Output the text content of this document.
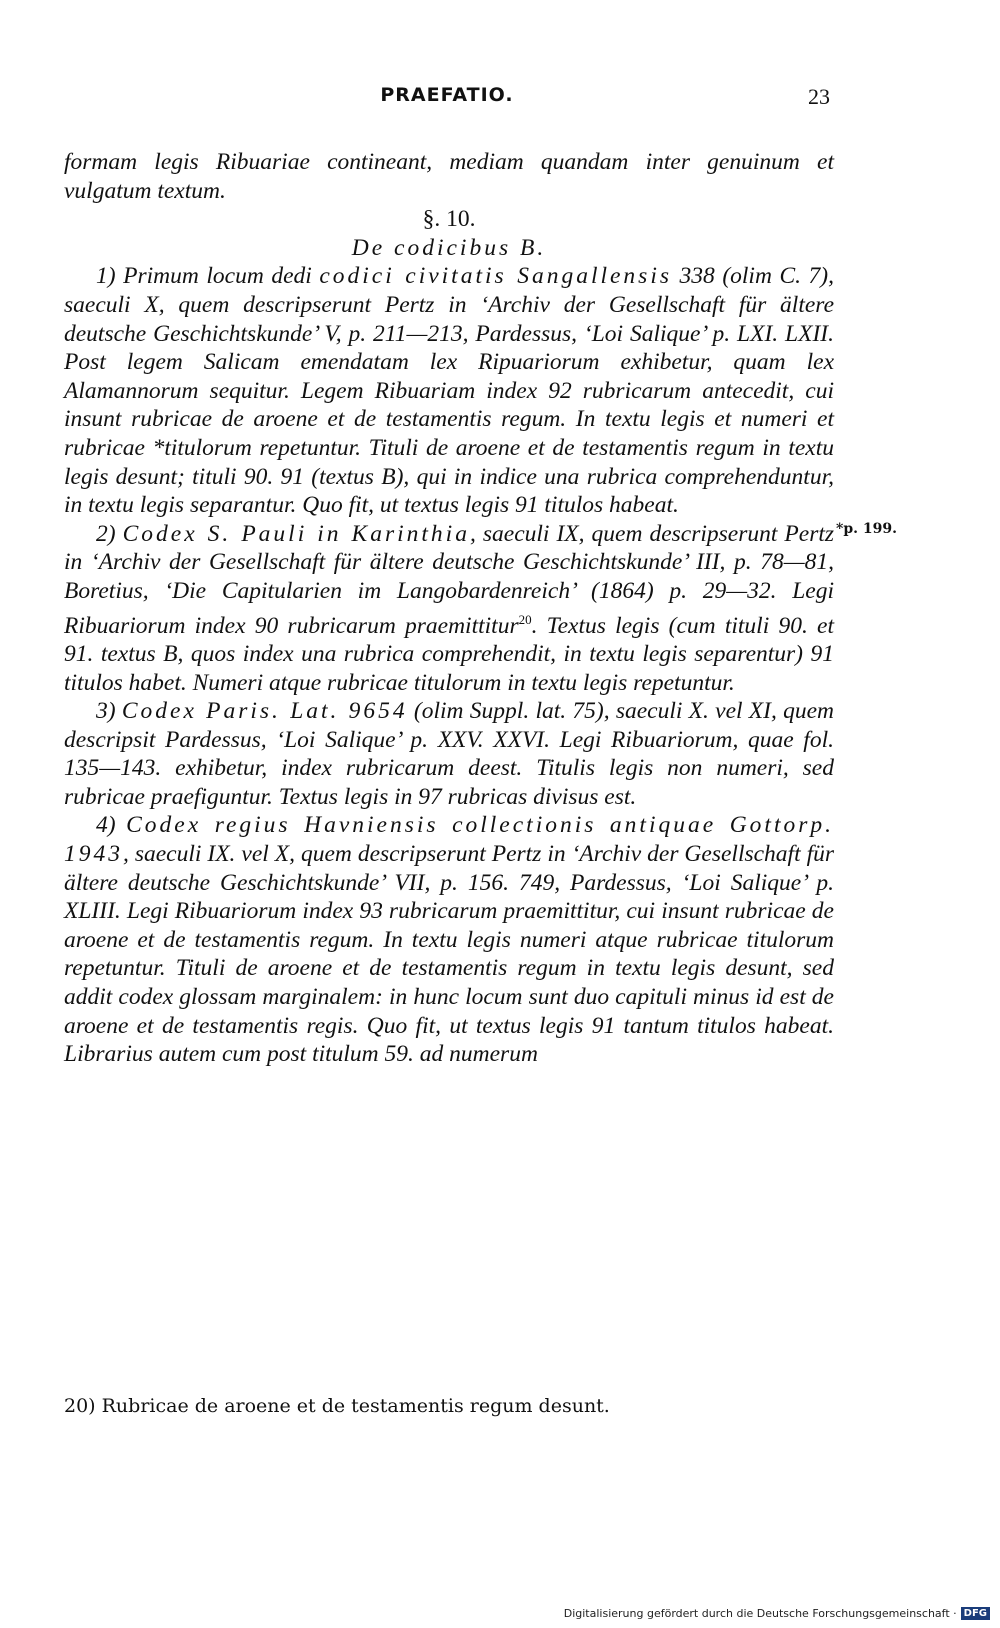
PRAEFATIO.	23

formam legis Ribuariae contineant, mediam quandam inter genuinum et vulgatum textum.

§. 10.

De codicibus B.

1) Primum locum dedi codici civitatis Sangallensis 338 (olim C. 7), saeculi X, quem descripserunt Pertz in ‘Archiv der Gesellschaft für ältere deutsche Geschichtskunde’ V, p. 211—213, Pardessus, ‘Loi Salique’ p. LXI. LXII. Post legem Salicam emendatam lex Ripuariorum exhibetur, quam lex Alamannorum sequitur. Legem Ribuariam index 92 rubricarum antecedit, cui insunt rubricae de aroene et de testamentis regum. In textu legis et numeri et rubricae *titulorum repetuntur. Tituli de aroene et de testamentis regum in textu legis desunt; tituli 90. 91 (textus B), qui in indice una rubrica comprehenduntur, in textu legis separantur. Quo fit, ut textus legis 91 titulos habeat.

2) Codex S. Pauli in Karinthia, saeculi IX, quem descripserunt Pertz in ‘Archiv der Gesellschaft für ältere deutsche Geschichtskunde’ III, p. 78—81, Boretius, ‘Die Capitularien im Langobardenreich’ (1864) p. 29—32. Legi Ribuariorum index 90 rubricarum praemittitur$^{20}$. Textus legis (cum tituli 90. et 91. textus B, quos index una rubrica comprehendit, in textu legis separentur) 91 titulos habet. Numeri atque rubricae titulorum in textu legis repetuntur.

3) Codex Paris. Lat. 9654 (olim Suppl. lat. 75), saeculi X. vel XI, quem descripsit Pardessus, ‘Loi Salique’ p. XXV. XXVI. Legi Ribuariorum, quae fol. 135—143. exhibetur, index rubricarum deest. Titulis legis non numeri, sed rubricae praefiguntur. Textus legis in 97 rubricas divisus est.

4) Codex regius Havniensis collectionis antiquae Gottorp. 1943, saeculi IX. vel X, quem descripserunt Pertz in ‘Archiv der Gesellschaft für ältere deutsche Geschichtskunde’ VII, p. 156. 749, Pardessus, ‘Loi Salique’ p. XLIII. Legi Ribuariorum index 93 rubricarum praemittitur, cui insunt rubricae de aroene et de testamentis regum. In textu legis numeri atque rubricae titulorum repetuntur. Tituli de aroene et de testamentis regum in textu legis desunt, sed addit codex glossam marginalem: in hunc locum sunt duo capituli minus id est de aroene et de testamentis regis. Quo fit, ut textus legis 91 tantum titulos habeat. Librarius autem cum post titulum 59. ad numerum

*p. 199.
20) Rubricae de aroene et de testamentis regum desunt.
Digitalisierung gefördert durch die Deutsche Forschungsgemeinschaft · DFG
